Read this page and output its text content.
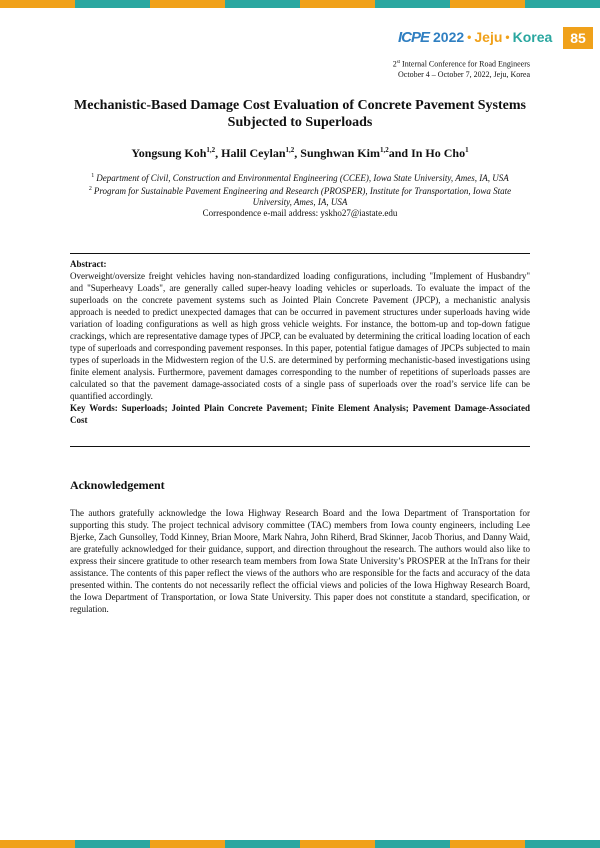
ICPE 2022 • Jeju • Korea	85
2st Internal Conference for Road Engineers
October 4 – October 7, 2022, Jeju, Korea
Mechanistic-Based Damage Cost Evaluation of Concrete Pavement Systems Subjected to Superloads
Yongsung Koh$^{1,2}$, Halil Ceylan$^{1,2}$, Sunghwan Kim$^{1,2}$and In Ho Cho$^1$

$^1$ Department of Civil, Construction and Environmental Engineering (CCEE), Iowa State University, Ames, IA, USA

$^2$ Program for Sustainable Pavement Engineering and Research (PROSPER), Institute for Transportation, Iowa State University, Ames, IA, USA

Correspondence e-mail address: yskho27@iastate.edu

Abstract:

Overweight/oversize freight vehicles having non-standardized loading configurations, including "Implement of Husbandry" and "Superheavy Loads", are generally called super-heavy loading vehicles or superloads. To evaluate the impact of the superloads on the concrete pavement systems such as Jointed Plain Concrete Pavement (JPCP), a mechanistic analysis approach is needed to predict unexpected damages that can be occurred in pavement structures under superloads having wide variation of loading configurations as well as high gross vehicle weights. For instance, the bottom-up and top-down fatigue crackings, which are representative damage types of JPCP, can be evaluated by determining the critical loading location of each type of superloads and corresponding pavement responses. In this paper, potential fatigue damages of JPCPs subjected to main types of superloads in the Midwestern region of the U.S. are determined by performing mechanistic-based investigations using finite element analysis. Furthermore, pavement damages corresponding to the number of repetitions of superloads passes are calculated so that the pavement damage-associated costs of a single pass of superloads over the road’s service life can be quantified accordingly.

Key Words: Superloads; Jointed Plain Concrete Pavement; Finite Element Analysis; Pavement Damage-Associated Cost

Acknowledgement

The authors gratefully acknowledge the Iowa Highway Research Board and the Iowa Department of Transportation for supporting this study. The project technical advisory committee (TAC) members from Iowa county engineers, including Lee Bjerke, Zach Gunsolley, Todd Kinney, Brian Moore, Mark Nahra, John Riherd, Brad Skinner, Jacob Thorius, and Danny Waid, are gratefully acknowledged for their guidance, support, and direction throughout the research. The authors would also like to express their sincere gratitude to other research team members from Iowa State University’s PROSPER at the InTrans for their assistance. The contents of this paper reflect the views of the authors who are responsible for the facts and accuracy of the data presented within. The contents do not necessarily reflect the official views and policies of the Iowa Highway Research Board, the Iowa Department of Transportation, or Iowa State University. This paper does not constitute a standard, specification, or regulation.
